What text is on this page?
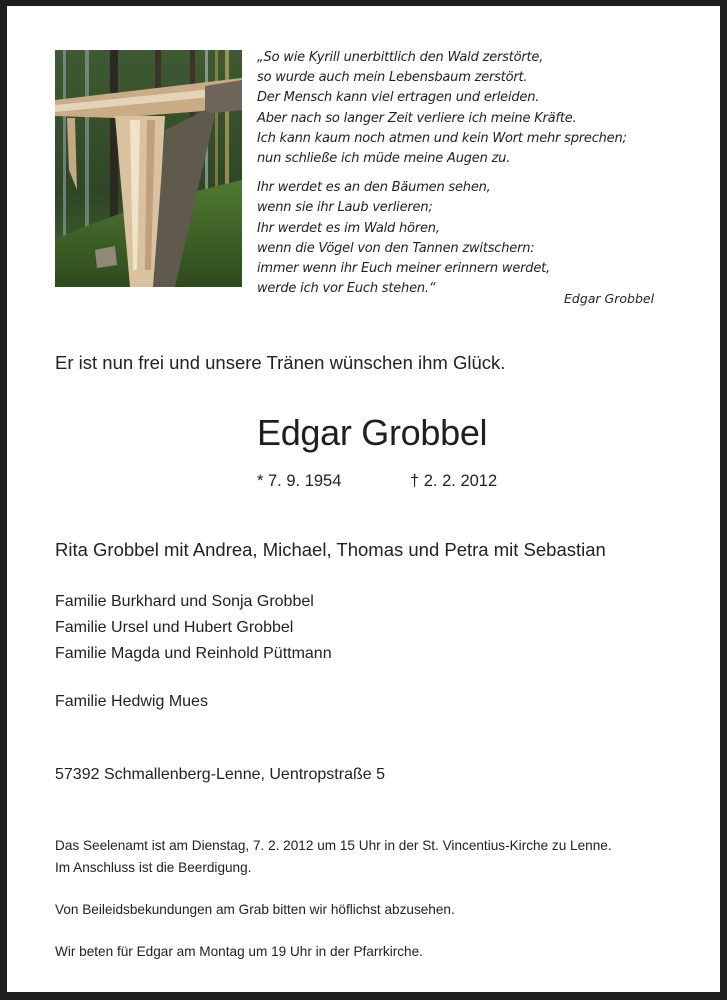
„So wie Kyrill unerbittlich den Wald zerstörte,
so wurde auch mein Lebensbaum zerstört.
Der Mensch kann viel ertragen und erleiden.
Aber nach so langer Zeit verliere ich meine Kräfte.
Ich kann kaum noch atmen und kein Wort mehr sprechen;
nun schließe ich müde meine Augen zu.
Ihr werdet es an den Bäumen sehen,
wenn sie ihr Laub verlieren;
Ihr werdet es im Wald hören,
wenn die Vögel von den Tannen zwitschern:
immer wenn ihr Euch meiner erinnern werdet,
werde ich vor Euch stehen.“
Edgar Grobbel
Er ist nun frei und unsere Tränen wünschen ihm Glück.
Edgar Grobbel
* 7. 9. 1954	† 2. 2. 2012
Rita Grobbel mit Andrea, Michael, Thomas und Petra mit Sebastian
Familie Burkhard und Sonja Grobbel
Familie Ursel und Hubert Grobbel
Familie Magda und Reinhold Püttmann
Familie Hedwig Mues
57392 Schmallenberg-Lenne, Uentropstraße 5
Das Seelenamt ist am Dienstag, 7. 2. 2012 um 15 Uhr in der St. Vincentius-Kirche zu Lenne.
Im Anschluss ist die Beerdigung.
Von Beileidsbekundungen am Grab bitten wir höflichst abzusehen.
Wir beten für Edgar am Montag um 19 Uhr in der Pfarrkirche.
